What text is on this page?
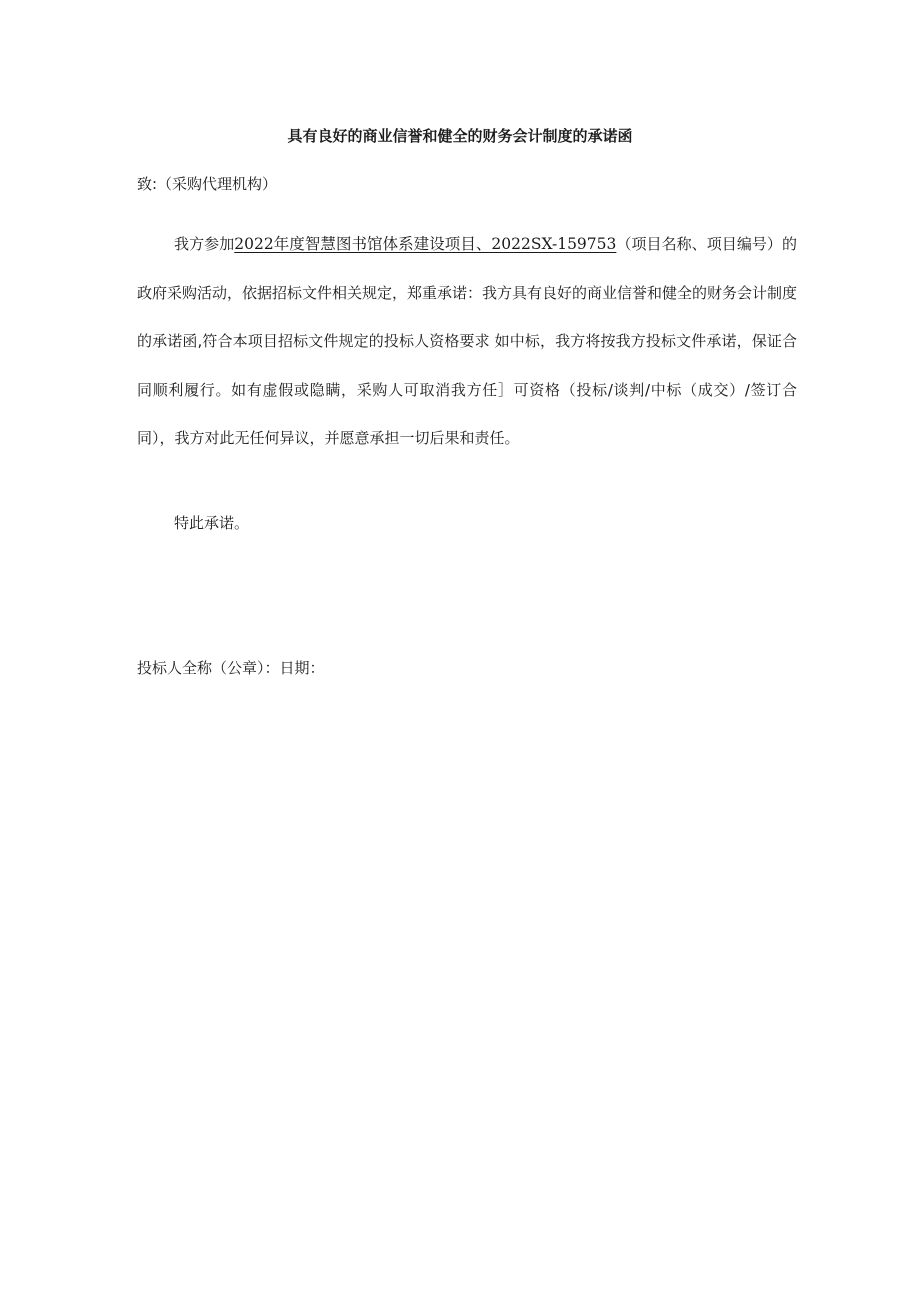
具有良好的商业信誉和健全的财务会计制度的承诺函
致:（采购代理机构）
我方参加2022年度智慧图书馆体系建设项目、2022SX-159753（项目名称、项目编号）的政府采购活动，依据招标文件相关规定，郑重承诺：我方具有良好的商业信誉和健全的财务会计制度的承诺函,符合本项目招标文件规定的投标人资格要求 如中标，我方将按我方投标文件承诺，保证合同顺利履行。如有虚假或隐瞒，采购人可取消我方任］可资格（投标/谈判/中标（成交）/签订合同），我方对此无任何异议，并愿意承担一切后果和责任。
特此承诺。
投标人全称（公章）：日期：
